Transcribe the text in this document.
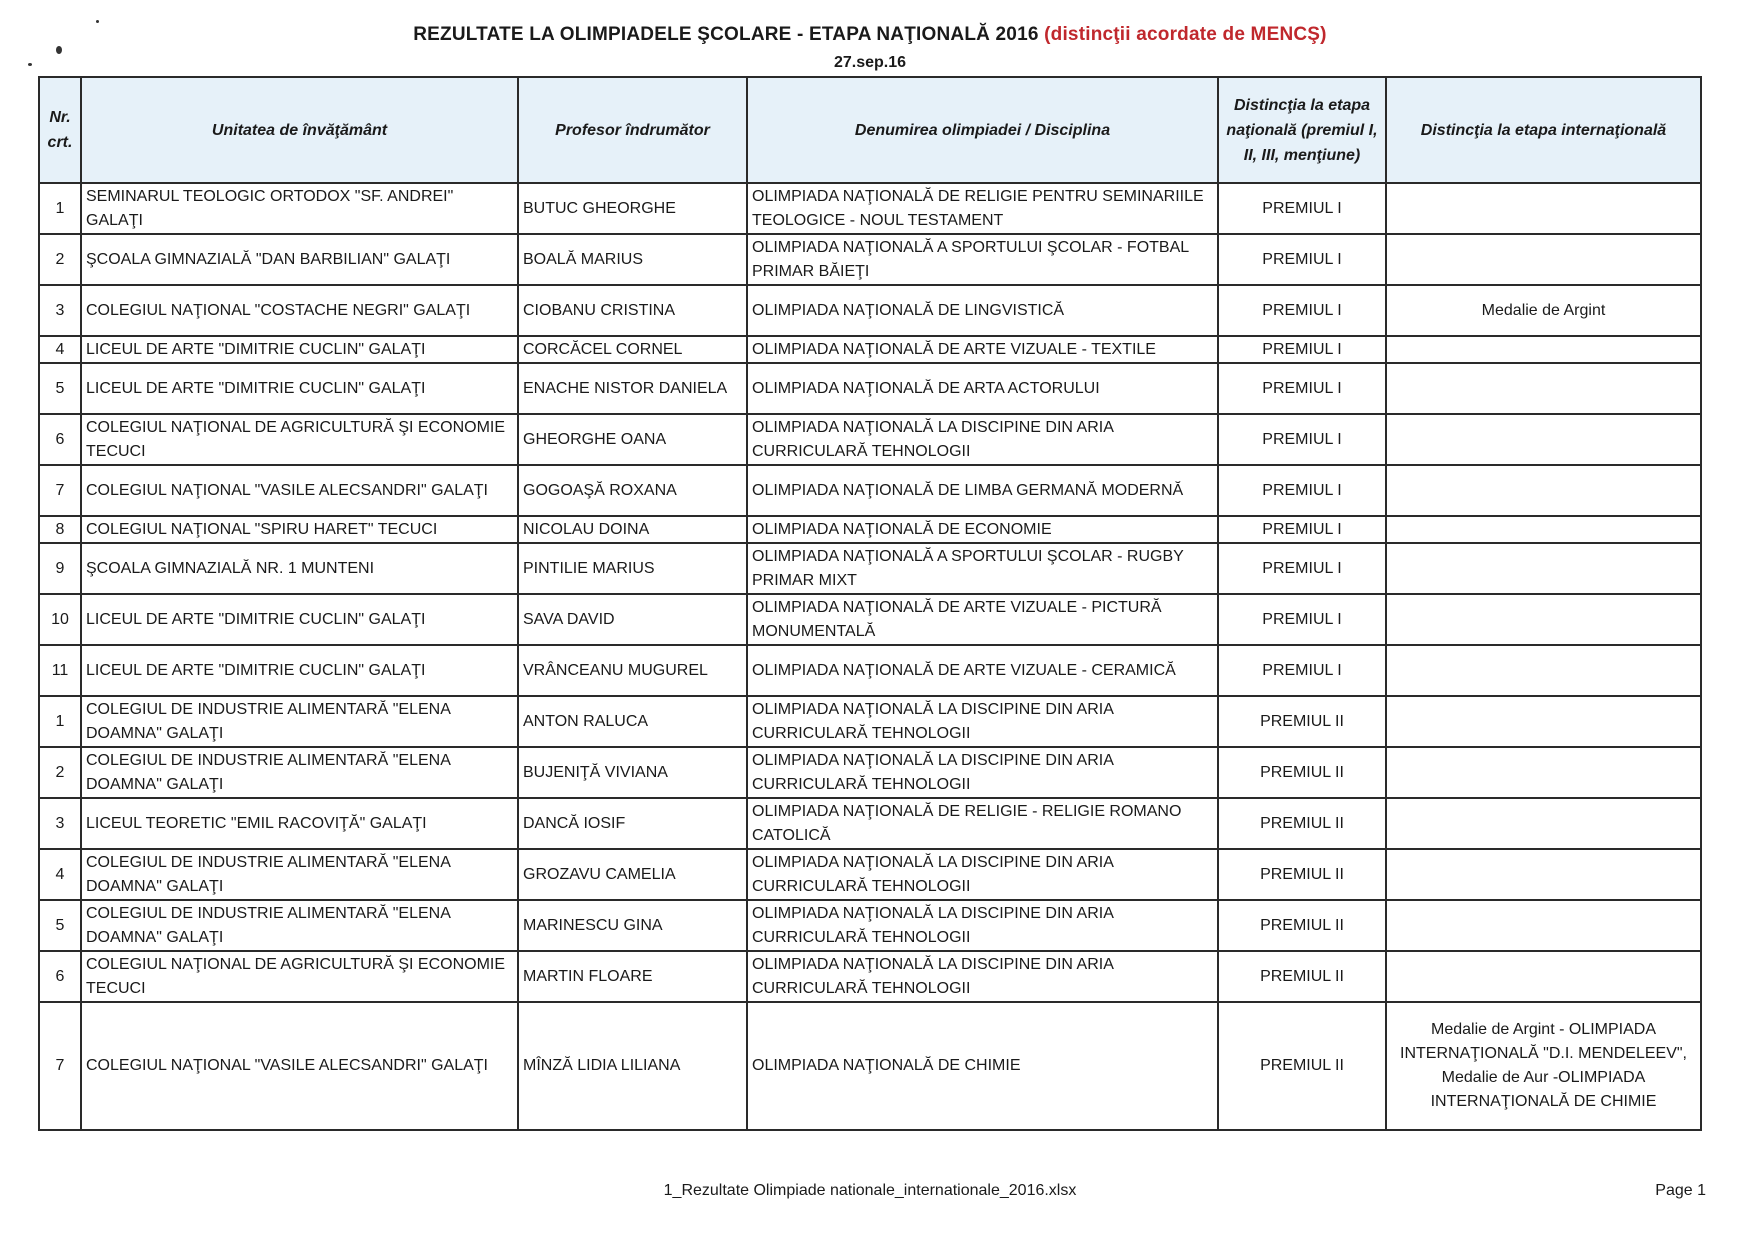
REZULTATE LA OLIMPIADELE ŞCOLARE - ETAPA NAŢIONALĂ 2016 (distincţii acordate de MENCŞ)
27.sep.16
Nr. crt.	Unitatea de învăţământ	Profesor îndrumător	Denumirea olimpiadei / Disciplina	Distincţia la etapa naţională (premiul I, II, III, menţiune)	Distincţia la etapa internaţională
1	SEMINARUL TEOLOGIC ORTODOX "SF. ANDREI" GALAŢI	BUTUC GHEORGHE	OLIMPIADA NAŢIONALĂ DE RELIGIE PENTRU SEMINARIILE TEOLOGICE - NOUL TESTAMENT	PREMIUL I	
2	ŞCOALA GIMNAZIALĂ "DAN BARBILIAN" GALAŢI	BOALĂ MARIUS	OLIMPIADA NAŢIONALĂ A SPORTULUI ŞCOLAR - FOTBAL PRIMAR BĂIEŢI	PREMIUL I	
3	COLEGIUL NAŢIONAL "COSTACHE NEGRI" GALAŢI	CIOBANU CRISTINA	OLIMPIADA NAŢIONALĂ DE LINGVISTICĂ	PREMIUL I	Medalie de Argint
4	LICEUL DE ARTE "DIMITRIE CUCLIN" GALAŢI	CORCĂCEL CORNEL	OLIMPIADA NAŢIONALĂ DE ARTE VIZUALE - TEXTILE	PREMIUL I	
5	LICEUL DE ARTE "DIMITRIE CUCLIN" GALAŢI	ENACHE NISTOR DANIELA	OLIMPIADA NAŢIONALĂ DE ARTA ACTORULUI	PREMIUL I	
6	COLEGIUL NAŢIONAL DE AGRICULTURĂ ŞI ECONOMIE TECUCI	GHEORGHE OANA	OLIMPIADA NAŢIONALĂ LA DISCIPINE DIN ARIA CURRICULARĂ TEHNOLOGII	PREMIUL I	
7	COLEGIUL NAŢIONAL "VASILE ALECSANDRI" GALAŢI	GOGOAŞĂ ROXANA	OLIMPIADA NAŢIONALĂ DE LIMBA GERMANĂ MODERNĂ	PREMIUL I	
8	COLEGIUL NAŢIONAL "SPIRU HARET" TECUCI	NICOLAU DOINA	OLIMPIADA NAŢIONALĂ DE ECONOMIE	PREMIUL I	
9	ŞCOALA GIMNAZIALĂ NR. 1 MUNTENI	PINTILIE MARIUS	OLIMPIADA NAŢIONALĂ A SPORTULUI ŞCOLAR - RUGBY PRIMAR MIXT	PREMIUL I	
10	LICEUL DE ARTE "DIMITRIE CUCLIN" GALAŢI	SAVA DAVID	OLIMPIADA NAŢIONALĂ DE ARTE VIZUALE - PICTURĂ MONUMENTALĂ	PREMIUL I	
11	LICEUL DE ARTE "DIMITRIE CUCLIN" GALAŢI	VRÂNCEANU MUGUREL	OLIMPIADA NAŢIONALĂ DE ARTE VIZUALE - CERAMICĂ	PREMIUL I	
1	COLEGIUL DE INDUSTRIE ALIMENTARĂ "ELENA DOAMNA" GALAŢI	ANTON RALUCA	OLIMPIADA NAŢIONALĂ LA DISCIPINE DIN ARIA CURRICULARĂ TEHNOLOGII	PREMIUL II	
2	COLEGIUL DE INDUSTRIE ALIMENTARĂ "ELENA DOAMNA" GALAŢI	BUJENIŢĂ VIVIANA	OLIMPIADA NAŢIONALĂ LA DISCIPINE DIN ARIA CURRICULARĂ TEHNOLOGII	PREMIUL II	
3	LICEUL TEORETIC "EMIL RACOVIŢĂ" GALAŢI	DANCĂ IOSIF	OLIMPIADA NAŢIONALĂ DE RELIGIE - RELIGIE ROMANO CATOLICĂ	PREMIUL II	
4	COLEGIUL DE INDUSTRIE ALIMENTARĂ "ELENA DOAMNA" GALAŢI	GROZAVU CAMELIA	OLIMPIADA NAŢIONALĂ LA DISCIPINE DIN ARIA CURRICULARĂ TEHNOLOGII	PREMIUL II	
5	COLEGIUL DE INDUSTRIE ALIMENTARĂ "ELENA DOAMNA" GALAŢI	MARINESCU GINA	OLIMPIADA NAŢIONALĂ LA DISCIPINE DIN ARIA CURRICULARĂ TEHNOLOGII	PREMIUL II	
6	COLEGIUL NAŢIONAL DE AGRICULTURĂ ŞI ECONOMIE TECUCI	MARTIN FLOARE	OLIMPIADA NAŢIONALĂ LA DISCIPINE DIN ARIA CURRICULARĂ TEHNOLOGII	PREMIUL II	
7	COLEGIUL NAŢIONAL "VASILE ALECSANDRI" GALAŢI	MÎNZĂ LIDIA LILIANA	OLIMPIADA NAŢIONALĂ DE CHIMIE	PREMIUL II	Medalie de Argint - OLIMPIADA INTERNAŢIONALĂ "D.I. MENDELEEV", Medalie de Aur -OLIMPIADA INTERNAŢIONALĂ DE CHIMIE
1_Rezultate Olimpiade nationale_internationale_2016.xlsx	Page 1
